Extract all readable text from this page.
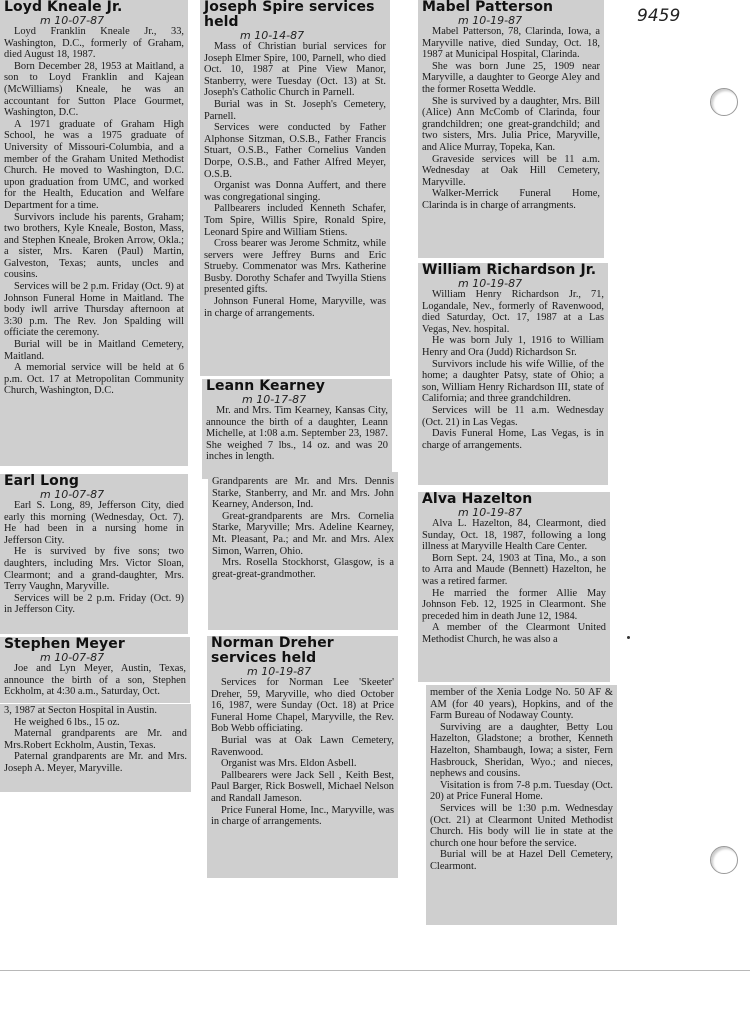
9459
Loyd Kneale Jr.
m 10-07-87

Loyd Franklin Kneale Jr., 33, Washington, D.C., formerly of Graham, died August 18, 1987.

Born December 28, 1953 at Maitland, a son to Loyd Franklin and Kajean (McWilliams) Kneale, he was an accountant for Sutton Place Gourmet, Washington, D.C.

A 1971 graduate of Graham High School, he was a 1975 graduate of University of Missouri-Columbia, and a member of the Graham United Methodist Church. He moved to Washington, D.C. upon graduation from UMC, and worked for the Health, Education and Welfare Department for a time.

Survivors include his parents, Graham; two brothers, Kyle Kneale, Boston, Mass, and Stephen Kneale, Broken Arrow, Okla.; a sister, Mrs. Karen (Paul) Martin, Galveston, Texas; aunts, uncles and cousins.

Services will be 2 p.m. Friday (Oct. 9) at Johnson Funeral Home in Maitland. The body iwll arrive Thursday afternoon at 3:30 p.m. The Rev. Jon Spalding will officiate the ceremony.

Burial will be in Maitland Cemetery, Maitland.

A memorial service will be held at 6 p.m. Oct. 17 at Metropolitan Community Church, Washington, D.C.

Earl Long
m 10-07-87

Earl S. Long, 89, Jefferson City, died early this morning (Wednesday, Oct. 7). He had been in a nursing home in Jefferson City.

He is survived by five sons; two daughters, including Mrs. Victor Sloan, Clearmont; and a grand-daughter, Mrs. Terry Vaughn, Maryville.

Services will be 2 p.m. Friday (Oct. 9) in Jefferson City.

Stephen Meyer
m 10-07-87

Joe and Lyn Meyer, Austin, Texas, announce the birth of a son, Stephen Eckholm, at 4:30 a.m., Saturday, Oct.

3, 1987 at Secton Hospital in Austin.

He weighed 6 lbs., 15 oz.

Maternal grandparents are Mr. and Mrs.Robert Eckholm, Austin, Texas.

Paternal grandparents are Mr. and Mrs. Joseph A. Meyer, Maryville.

Joseph Spire services held
m 10-14-87

Mass of Christian burial services for Joseph Elmer Spire, 100, Parnell, who died Oct. 10, 1987 at Pine View Manor, Stanberry, were Tuesday (Oct. 13) at St. Joseph's Catholic Church in Parnell.

Burial was in St. Joseph's Cemetery, Parnell.

Services were conducted by Father Alphonse Sitzman, O.S.B., Father Francis Stuart, O.S.B., Father Cornelius Vanden Dorpe, O.S.B., and Father Alfred Meyer, O.S.B.

Organist was Donna Auffert, and there was congregational singing.

Pallbearers included Kenneth Schafer, Tom Spire, Willis Spire, Ronald Spire, Leonard Spire and William Stiens.

Cross bearer was Jerome Schmitz, while servers were Jeffrey Burns and Eric Strueby. Commenator was Mrs. Katherine Busby. Dorothy Schafer and Twyilla Stiens presented gifts.

Johnson Funeral Home, Maryville, was in charge of arrangements.

Leann Kearney
m 10-17-87

Mr. and Mrs. Tim Kearney, Kansas City, announce the birth of a daughter, Leann Michelle, at 1:08 a.m. September 23, 1987. She weighed 7 lbs., 14 oz. and was 20 inches in length.

Grandparents are Mr. and Mrs. Dennis Starke, Stanberry, and Mr. and Mrs. John Kearney, Anderson, Ind.

Great-grandparents are Mrs. Cornelia Starke, Maryville; Mrs. Adeline Kearney, Mt. Pleasant, Pa.; and Mr. and Mrs. Alex Simon, Warren, Ohio.

Mrs. Rosella Stockhorst, Glasgow, is a great-great-grandmother.

Norman Dreher services held
m 10-19-87

Services for Norman Lee 'Skeeter' Dreher, 59, Maryville, who died October 16, 1987, were Sunday (Oct. 18) at Price Funeral Home Chapel, Maryville, the Rev. Bob Webb officiating.

Burial was at Oak Lawn Cemetery, Ravenwood.

Organist was Mrs. Eldon Asbell.

Pallbearers were Jack Sell , Keith Best, Paul Barger, Rick Boswell, Michael Nelson and Randall Jameson.

Price Funeral Home, Inc., Maryville, was in charge of arrangements.

Mabel Patterson
m 10-19-87

Mabel Patterson, 78, Clarinda, Iowa, a Maryville native, died Sunday, Oct. 18, 1987 at Municipal Hospital, Clarinda.

She was born June 25, 1909 near Maryville, a daughter to George Aley and the former Rosetta Weddle.

She is survived by a daughter, Mrs. Bill (Alice) Ann McComb of Clarinda, four grandchildren; one great-grandchild; and two sisters, Mrs. Julia Price, Maryville, and Alice Murray, Topeka, Kan.

Graveside services will be 11 a.m. Wednesday at Oak Hill Cemetery, Maryville.

Walker-Merrick Funeral Home, Clarinda is in charge of arrangments.

William Richardson Jr.
m 10-19-87

William Henry Richardson Jr., 71, Logandale, Nev., formerly of Ravenwood, died Saturday, Oct. 17, 1987 at a Las Vegas, Nev. hospital.

He was born July 1, 1916 to William Henry and Ora (Judd) Richardson Sr.

Survivors include his wife Willie, of the home; a daughter Patsy, state of Ohio; a son, William Henry Richardson III, state of California; and three grandchildren.

Services will be 11 a.m. Wednesday (Oct. 21) in Las Vegas.

Davis Funeral Home, Las Vegas, is in charge of arrangements.

Alva Hazelton
m 10-19-87

Alva L. Hazelton, 84, Clearmont, died Sunday, Oct. 18, 1987, following a long illness at Maryville Health Care Center.

Born Sept. 24, 1903 at Tina, Mo., a son to Arra and Maude (Bennett) Hazelton, he was a retired farmer.

He married the former Allie May Johnson Feb. 12, 1925 in Clearmont. She preceded him in death June 12, 1984.

A member of the Clearmont United Methodist Church, he was also a

member of the Xenia Lodge No. 50 AF & AM (for 40 years), Hopkins, and of the Farm Bureau of Nodaway County.

Surviving are a daughter, Betty Lou Hazelton, Gladstone; a brother, Kenneth Hazelton, Shambaugh, Iowa; a sister, Fern Hasbrouck, Sheridan, Wyo.; and nieces, nephews and cousins.

Visitation is from 7-8 p.m. Tuesday (Oct. 20) at Price Funeral Home.

Services will be 1:30 p.m. Wednesday (Oct. 21) at Clearmont United Methodist Church. His body will lie in state at the church one hour before the service.

Burial will be at Hazel Dell Cemetery, Clearmont.
